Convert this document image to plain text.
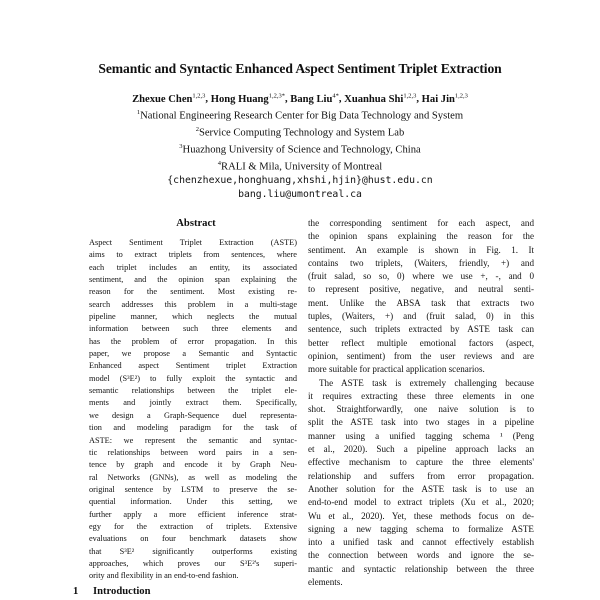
Semantic and Syntactic Enhanced Aspect Sentiment Triplet Extraction
Zhexue Chen$^{1,2,3}$, Hong Huang$^{1,2,3*}$, Bang Liu$^{4*}$, Xuanhua Shi$^{1,2,3}$, Hai Jin$^{1,2,3}$
$^1$National Engineering Research Center for Big Data Technology and System
$^2$Service Computing Technology and System Lab
$^3$Huazhong University of Science and Technology, China
$^4$RALI & Mila, University of Montreal
{chenzhexue,honghuang,xhshi,hjin}@hust.edu.cn
bang.liu@umontreal.ca
Abstract
Aspect Sentiment Triplet Extraction (ASTE)
aims to extract triplets from sentences, where
each triplet includes an entity, its associated
sentiment, and the opinion span explaining the
reason for the sentiment. Most existing re-
search addresses this problem in a multi-stage
pipeline manner, which neglects the mutual
information between such three elements and
has the problem of error propagation. In this
paper, we propose a Semantic and Syntactic
Enhanced aspect Sentiment triplet Extraction
model (S³E²) to fully exploit the syntactic and
semantic relationships between the triplet ele-
ments and jointly extract them. Specifically,
we design a Graph-Sequence duel representa-
tion and modeling paradigm for the task of
ASTE: we represent the semantic and syntac-
tic relationships between word pairs in a sen-
tence by graph and encode it by Graph Neu-
ral Networks (GNNs), as well as modeling the
original sentence by LSTM to preserve the se-
quential information. Under this setting, we
further apply a more efficient inference strat-
egy for the extraction of triplets. Extensive
evaluations on four benchmark datasets show
that S³E² significantly outperforms existing
approaches, which proves our S³E²'s superi-
ority and flexibility in an end-to-end fashion.
1 Introduction
the corresponding sentiment for each aspect, and
the opinion spans explaining the reason for the
sentiment. An example is shown in Fig. 1. It
contains two triplets, (Waiters, friendly, +) and
(fruit salad, so so, 0) where we use +, -, and 0
to represent positive, negative, and neutral senti-
ment. Unlike the ABSA task that extracts two
tuples, (Waiters, +) and (fruit salad, 0) in this
sentence, such triplets extracted by ASTE task can
better reflect multiple emotional factors (aspect,
opinion, sentiment) from the user reviews and are
more suitable for practical application scenarios.
The ASTE task is extremely challenging because
it requires extracting these three elements in one
shot. Straightforwardly, one naive solution is to
split the ASTE task into two stages in a pipeline
manner using a unified tagging schema ¹ (Peng
et al., 2020). Such a pipeline approach lacks an
effective mechanism to capture the three elements'
relationship and suffers from error propagation.
Another solution for the ASTE task is to use an
end-to-end model to extract triplets (Xu et al., 2020;
Wu et al., 2020). Yet, these methods focus on de-
signing a new tagging schema to formalize ASTE
into a unified task and cannot effectively establish
the connection between words and ignore the se-
mantic and syntactic relationship between the three
elements.
